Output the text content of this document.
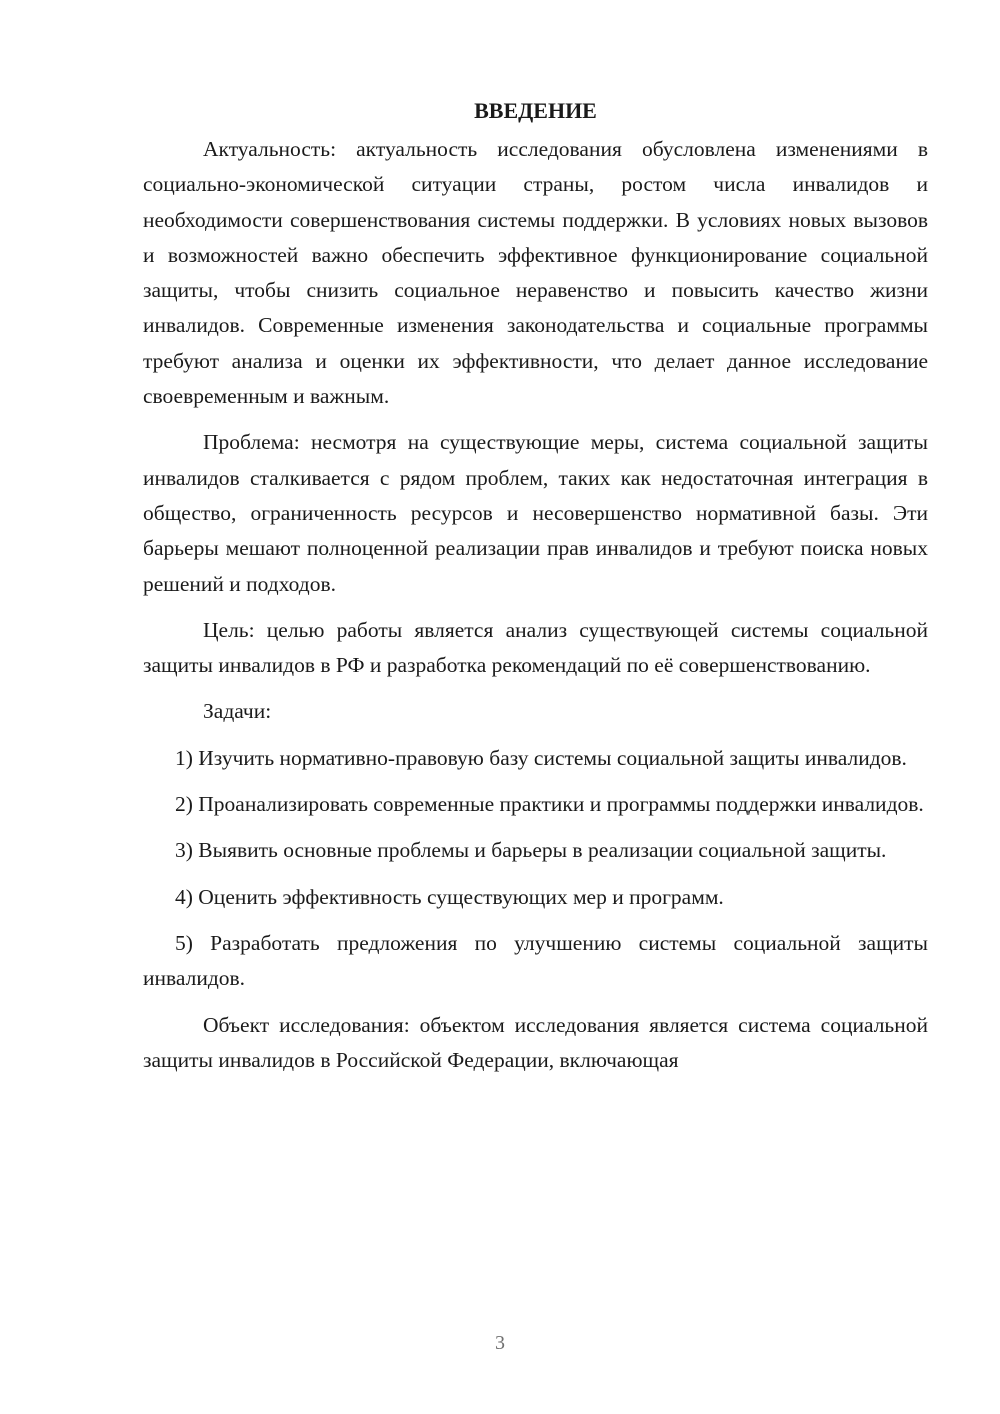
ВВЕДЕНИЕ

Актуальность: актуальность исследования обусловлена изменениями в социально-экономической ситуации страны, ростом числа инвалидов и необходимости совершенствования системы поддержки. В условиях новых вызовов и возможностей важно обеспечить эффективное функционирование социальной защиты, чтобы снизить социальное неравенство и повысить качество жизни инвалидов. Современные изменения законодательства и социальные программы требуют анализа и оценки их эффективности, что делает данное исследование своевременным и важным.

Проблема: несмотря на существующие меры, система социальной защиты инвалидов сталкивается с рядом проблем, таких как недостаточная интеграция в общество, ограниченность ресурсов и несовершенство нормативной базы. Эти барьеры мешают полноценной реализации прав инвалидов и требуют поиска новых решений и подходов.

Цель: целью работы является анализ существующей системы социальной защиты инвалидов в РФ и разработка рекомендаций по её совершенствованию.

Задачи:

1) Изучить нормативно-правовую базу системы социальной защиты инвалидов.

2) Проанализировать современные практики и программы поддержки инвалидов.

3) Выявить основные проблемы и барьеры в реализации социальной защиты.

4) Оценить эффективность существующих мер и программ.

5) Разработать предложения по улучшению системы социальной защиты инвалидов.

Объект исследования: объектом исследования является система социальной защиты инвалидов в Российской Федерации, включающая

3
